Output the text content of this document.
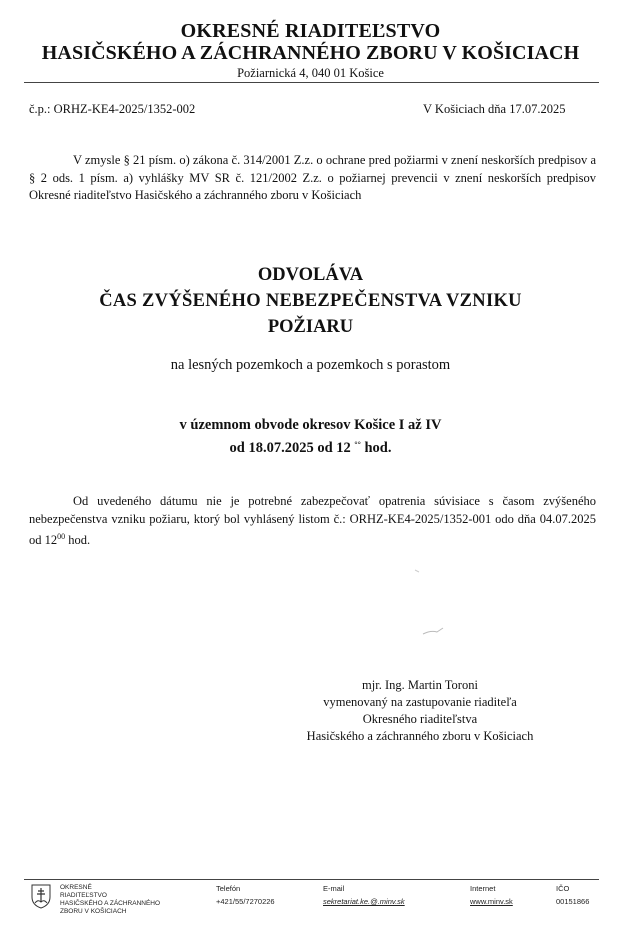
OKRESNÉ RIADITEĽSTVO
HASIČSKÉHO A ZÁCHRANNÉHO ZBORU V KOŠICIACH
Požiarnická 4, 040 01 Košice
č.p.: ORHZ-KE4-2025/1352-002	V Košiciach dňa 17.07.2025
V zmysle § 21 písm. o) zákona č. 314/2001 Z.z. o ochrane pred požiarmi v znení neskorších predpisov a § 2 ods. 1 písm. a) vyhlášky MV SR č. 121/2002 Z.z. o požiarnej prevencii v znení neskorších predpisov Okresné riaditeľstvo Hasičského a záchranného zboru v Košiciach
ODVOLÁVA
ČAS ZVÝŠENÉHO NEBEZPEČENSTVA VZNIKU
POŽIARU
na lesných pozemkoch a pozemkoch s porastom
v územnom obvode okresov Košice I až IV
od 18.07.2025 od 12 °° hod.
Od uvedeného dátumu nie je potrebné zabezpečovať opatrenia súvisiace s časom zvýšeného nebezpečenstva vzniku požiaru, ktorý bol vyhlásený listom č.: ORHZ-KE4-2025/1352-001 odo dňa 04.07.2025 od $12^{00}$ hod.
mjr. Ing. Martin Toroni
vymenovaný na zastupovanie riaditeľa
Okresného riaditeľstva
Hasičského a záchranného zboru v Košiciach
OKRESNÉ
RIADITEĽSTVO
HASIČSKÉHO A ZÁCHRANNÉHO
ZBORU V KOŠICIACH
Telefón
+421/55/7270226
E-mail
sekretariat.ke.@.minv.sk
Internet
www.minv.sk
IČO
00151866
